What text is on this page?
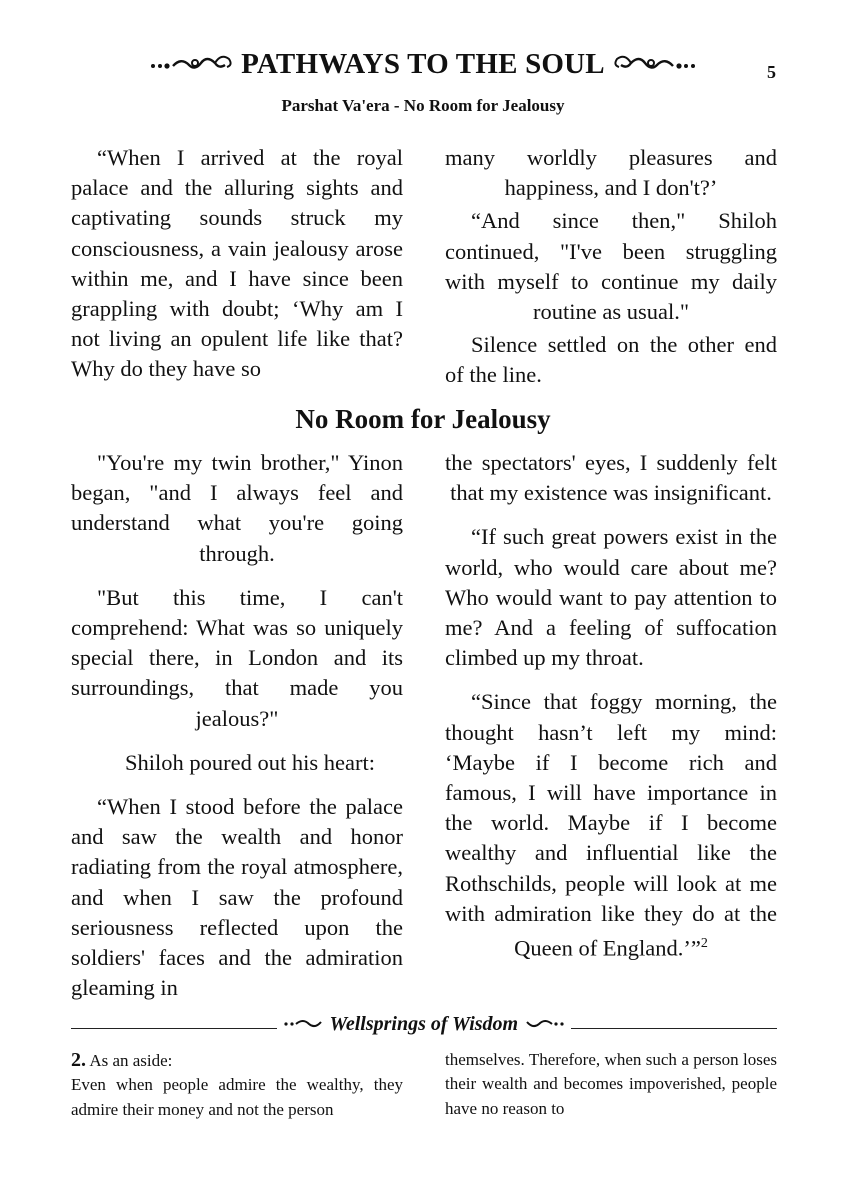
PATHWAYS TO THE SOUL	5
Parshat Va'era - No Room for Jealousy

“When I arrived at the royal palace and the alluring sights and captivating sounds struck my consciousness, a vain jealousy arose within me, and I have since been grappling with doubt; ‘Why am I not living an opulent life like that? Why do they have so

many worldly pleasures and happiness, and I don't?’

“And since then," Shiloh continued, "I've been struggling with myself to continue my daily routine as usual."

Silence settled on the other end of the line.

No Room for Jealousy

"You're my twin brother," Yinon began, "and I always feel and understand what you're going through.

"But this time, I can't comprehend: What was so uniquely special there, in London and its surroundings, that made you jealous?"

Shiloh poured out his heart:

“When I stood before the palace and saw the wealth and honor radiating from the royal atmosphere, and when I saw the profound seriousness reflected upon the soldiers' faces and the admiration gleaming in

the spectators' eyes, I suddenly felt that my existence was insignificant.

“If such great powers exist in the world, who would care about me? Who would want to pay attention to me? And a feeling of suffocation climbed up my throat.

“Since that foggy morning, the thought hasn’t left my mind: ‘Maybe if I become rich and famous, I will have importance in the world. Maybe if I become wealthy and influential like the Rothschilds, people will look at me with admiration like they do at the Queen of England.’”$^2$

Wellsprings of Wisdom

2. As an aside:

Even when people admire the wealthy, they admire their money and not the person

themselves. Therefore, when such a person loses their wealth and becomes impoverished, people have no reason to
